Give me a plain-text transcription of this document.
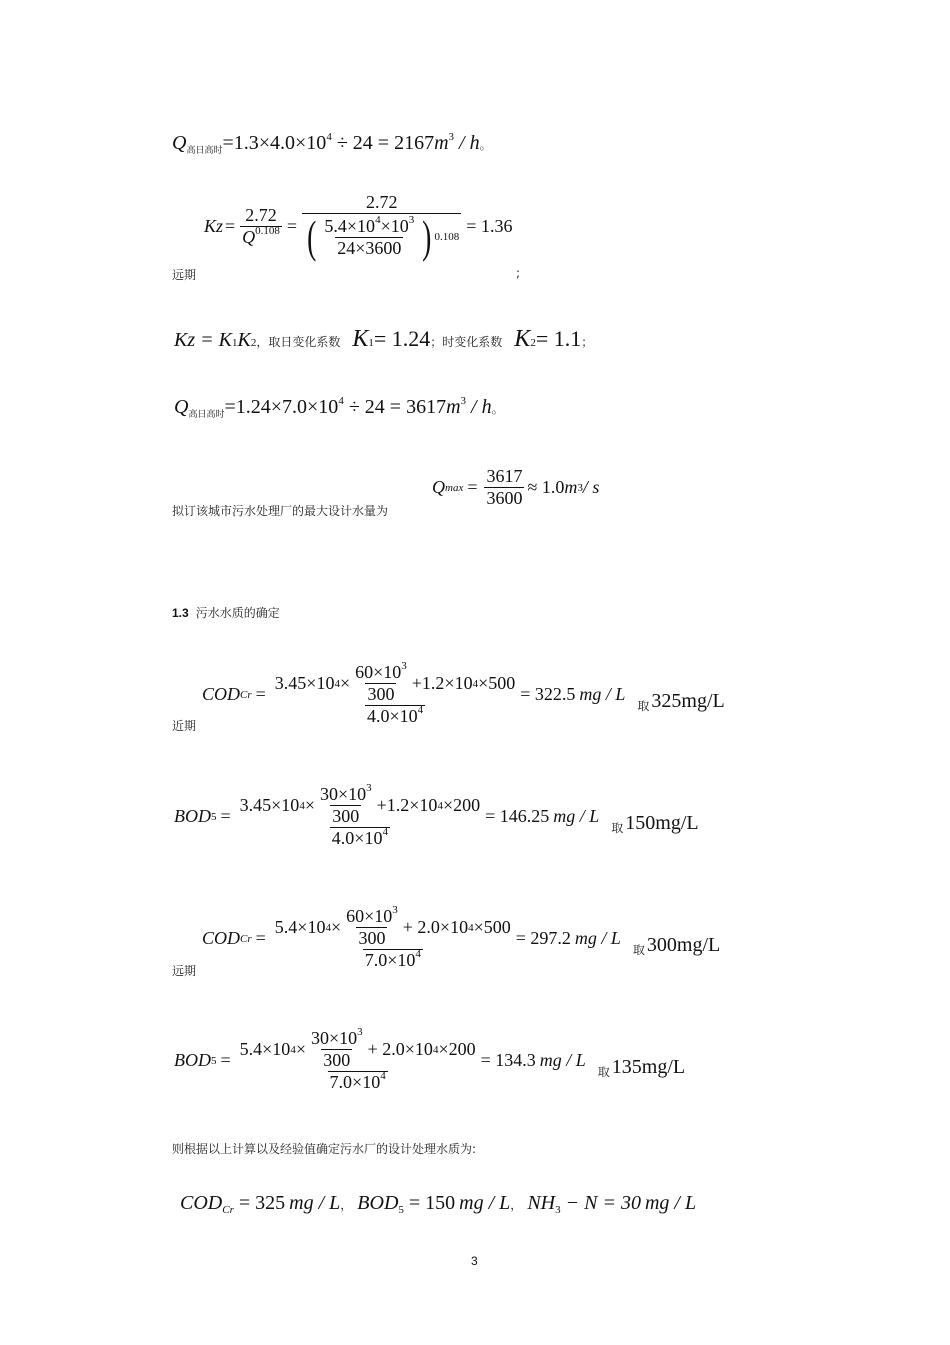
$Q_{高日高时}=1.3\times 4.0\times 10^4 \div 24 = 2167m^3 / h$。
$Kz = \frac{2.72}{Q^{0.108}}$ =
2.72
( $\frac{5.4\times 10^4\times 10^3}{24\times 3600}$ ) 0.108
= 1.36
远期	;
Kz = K 1 K 2 ， 取日变化系数 K 1 = 1.24 ；时变化系数 K 2 = 1.1 ；
$Q_{高日高时}=1.24\times 7.0\times 10^4 \div 24 = 3617m^3 / h$。
拟订该城市污水处理厂的最大设计水量为
Q $\max = \frac{3617}{3600} \approx 1.0$ m 3 / s
1.3 污水水质的确定
近期
COD Cr =
3.45×10 $4 \times \frac{60\times 10^3}{300} +1.2\times 10$ 4 ×500
$4.0\times 10^4$
= 322.5 mg / L
取 325mg/L
BOD 5 =
3.45×10 $4 \times \frac{30\times 10^3}{300} +1.2\times 10$ 4 ×200
$4.0\times 10^4$
= 146.25 mg / L
取 150mg/L
远期
COD Cr =
5.4×10 $4 \times \frac{60\times 10^3}{300} + 2.0\times 10$ 4 ×500
$7.0\times 10^4$
= 297.2 mg / L
取 300mg/L
BOD 5 =
5.4×10 $4 \times \frac{30\times 10^3}{300} + 2.0\times 10$ 4 ×200
$7.0\times 10^4$
= 134.3 mg / L
取 135mg/L
则根据以上计算以及经验值确定污水厂的设计处理水质为:
$COD_{Cr} = 325$ mg / L， $BOD_5 = 150$ mg / L， $NH_3 - N = 30$ mg / L
3
